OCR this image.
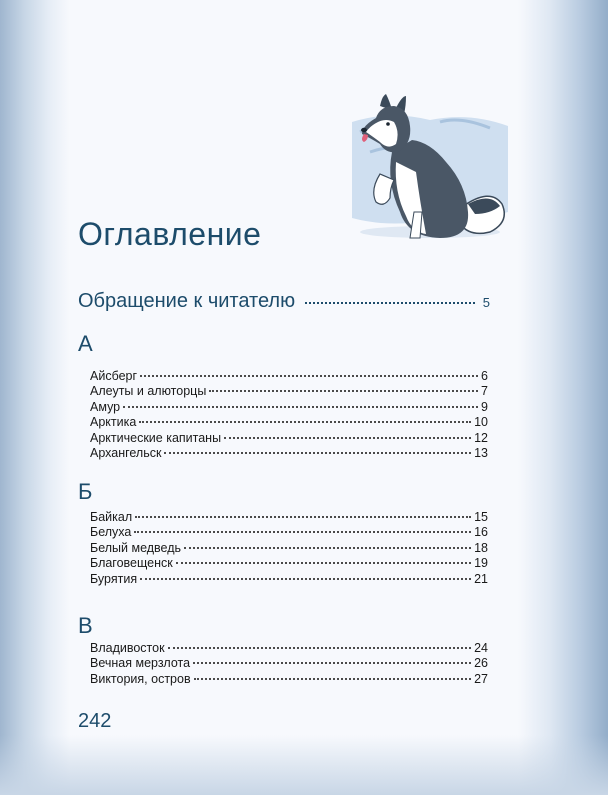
Оглавление
Обращение к читателю	5
А
Айсберг	6
Алеуты и алюторцы	7
Амур	9
Арктика	10
Арктические капитаны	12
Архангельск	13
Б
Байкал	15
Белуха	16
Белый медведь	18
Благовещенск	19
Бурятия	21
В
Владивосток	24
Вечная мерзлота	26
Виктория, остров	27
242
